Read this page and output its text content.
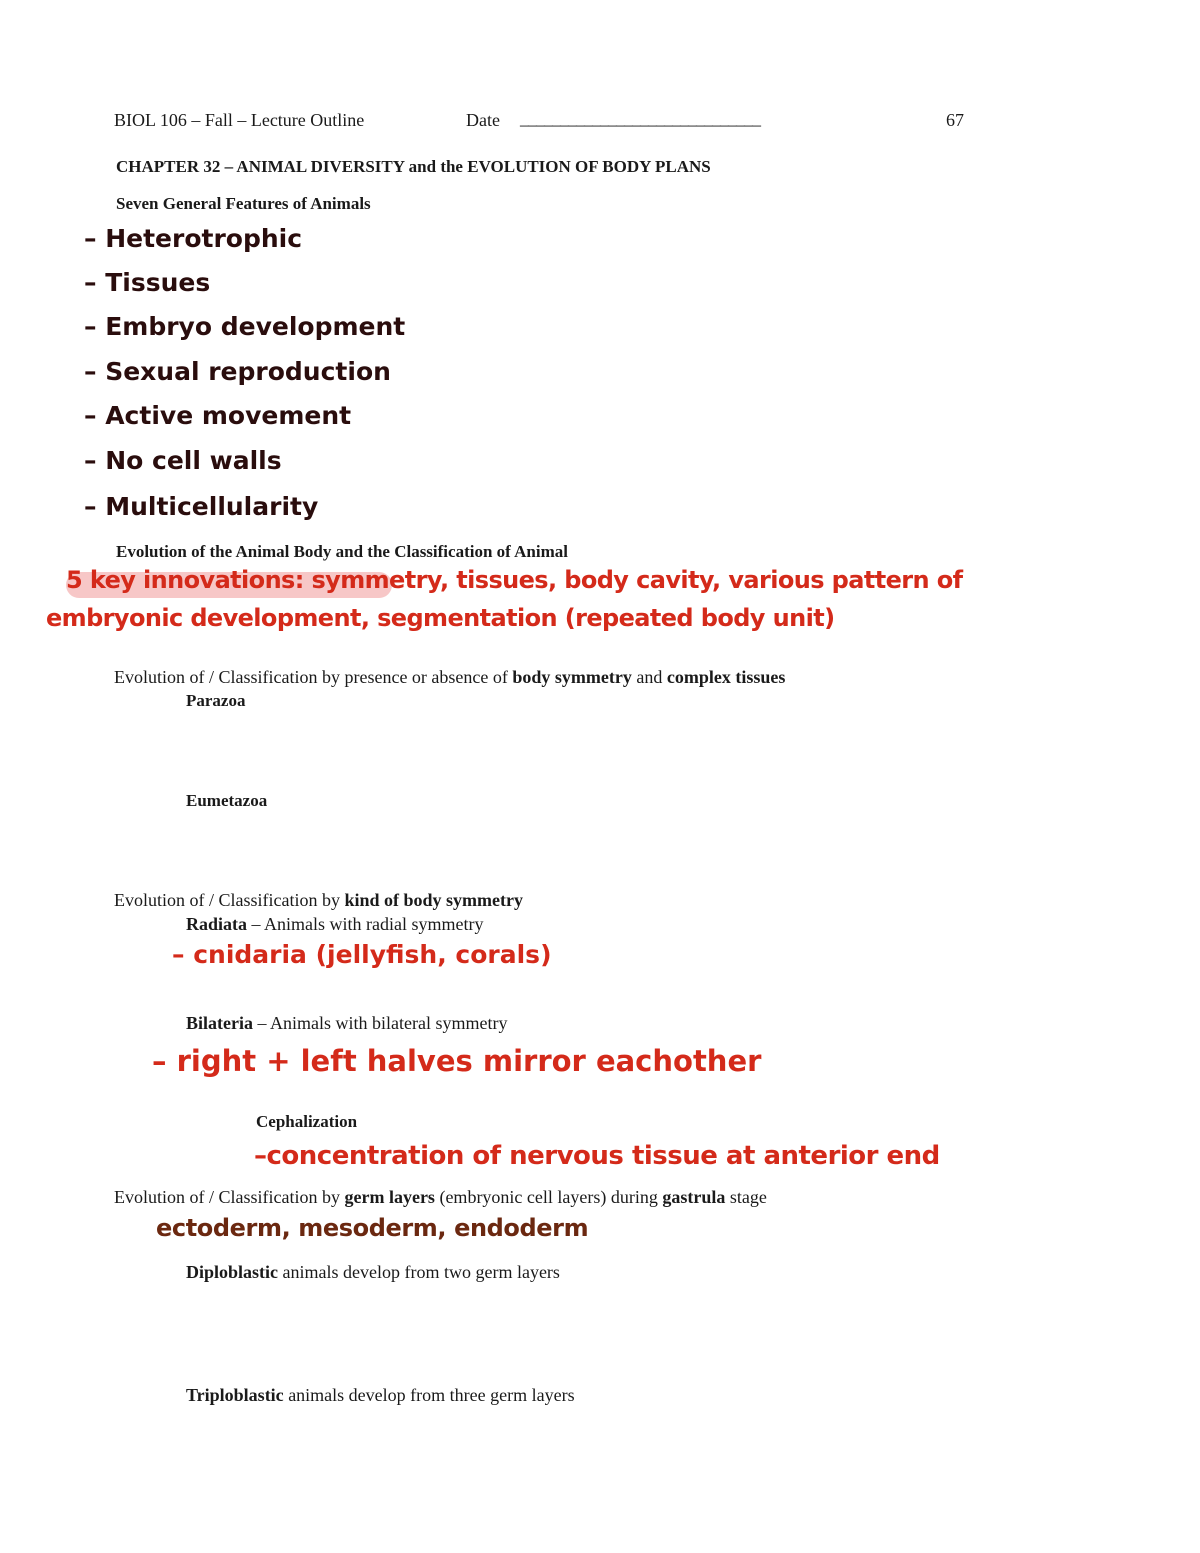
BIOL 106 – Fall – Lecture Outline	Date ______________________________	67
CHAPTER 32 – ANIMAL DIVERSITY and the EVOLUTION OF BODY PLANS
Seven General Features of Animals
– Heterotrophic
– Tissues
– Embryo development
– Sexual reproduction
– Active movement
– No cell walls
– Multicellularity
Evolution of the Animal Body and the Classification of Animal
5 key innovations: symmetry, tissues, body cavity, various pattern of
embryonic development, segmentation (repeated body unit)
Evolution of / Classification by presence or absence of body symmetry and complex tissues
Parazoa
Eumetazoa
Evolution of / Classification by kind of body symmetry
Radiata – Animals with radial symmetry
– cnidaria (jellyfish, corals)
Bilateria – Animals with bilateral symmetry
– right + left halves mirror eachother
Cephalization
–concentration of nervous tissue at anterior end
Evolution of / Classification by germ layers (embryonic cell layers) during gastrula stage
ectoderm, mesoderm, endoderm
Diploblastic animals develop from two germ layers
Triploblastic animals develop from three germ layers
